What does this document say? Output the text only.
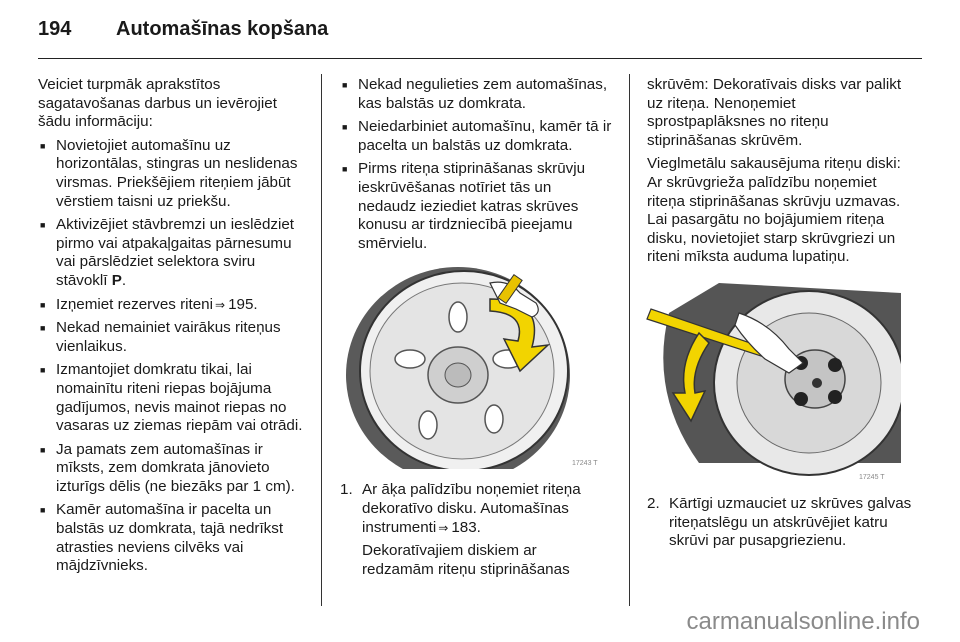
194 Automašīnas kopšana

Veiciet turpmāk aprakstītos sagatavošanas darbus un ievērojiet šādu informāciju:

■ Novietojiet automašīnu uz horizontālas, stingras un neslidenas virsmas. Priekšējiem riteņiem jābūt vērstiem taisni uz priekšu.
■ Aktivizējiet stāvbremzi un ieslēdziet pirmo vai atpakaļgaitas pārnesumu vai pārslēdziet selektora sviru stāvoklī P.
■ Izņemiet rezerves riteni ⇒ 195.
■ Nekad nemainiet vairākus riteņus vienlaikus.
■ Izmantojiet domkratu tikai, lai nomainītu riteni riepas bojājuma gadījumos, nevis mainot riepas no vasaras uz ziemas riepām vai otrādi.
■ Ja pamats zem automašīnas ir mīksts, zem domkrata jānovieto izturīgs dēlis (ne biezāks par 1 cm).
■ Kamēr automašīna ir pacelta un balstās uz domkrata, tajā nedrīkst atrasties neviens cilvēks vai mājdzīvnieks.
■ Nekad negulieties zem automašīnas, kas balstās uz domkrata.
■ Neiedarbiniet automašīnu, kamēr tā ir pacelta un balstās uz domkrata.
■ Pirms riteņa stiprināšanas skrūvju ieskrūvēšanas notīriet tās un nedaudz ieziediet katras skrūves konusu ar tirdzniecībā pieejamu smērvielu.
17243 T
1. Ar āķa palīdzību noņemiet riteņa dekoratīvo disku. Automašīnas instrumenti ⇒ 183.

Dekoratīvajiem diskiem ar redzamām riteņu stiprināšanas

skrūvēm: Dekoratīvais disks var palikt uz riteņa. Nenoņemiet sprostpaplāksnes no riteņu stiprināšanas skrūvēm.

Vieglmetālu sakausējuma riteņu diski: Ar skrūvgrieža palīdzību noņemiet riteņa stiprināšanas skrūvju uzmavas. Lai pasargātu no bojājumiem riteņa disku, novietojiet starp skrūvgriezi un riteni mīksta auduma lupatiņu.

17245 T
2. Kārtīgi uzmauciet uz skrūves galvas riteņatslēgu un atskrūvējiet katru skrūvi par pusapgriezienu.

carmanualsonline.info
